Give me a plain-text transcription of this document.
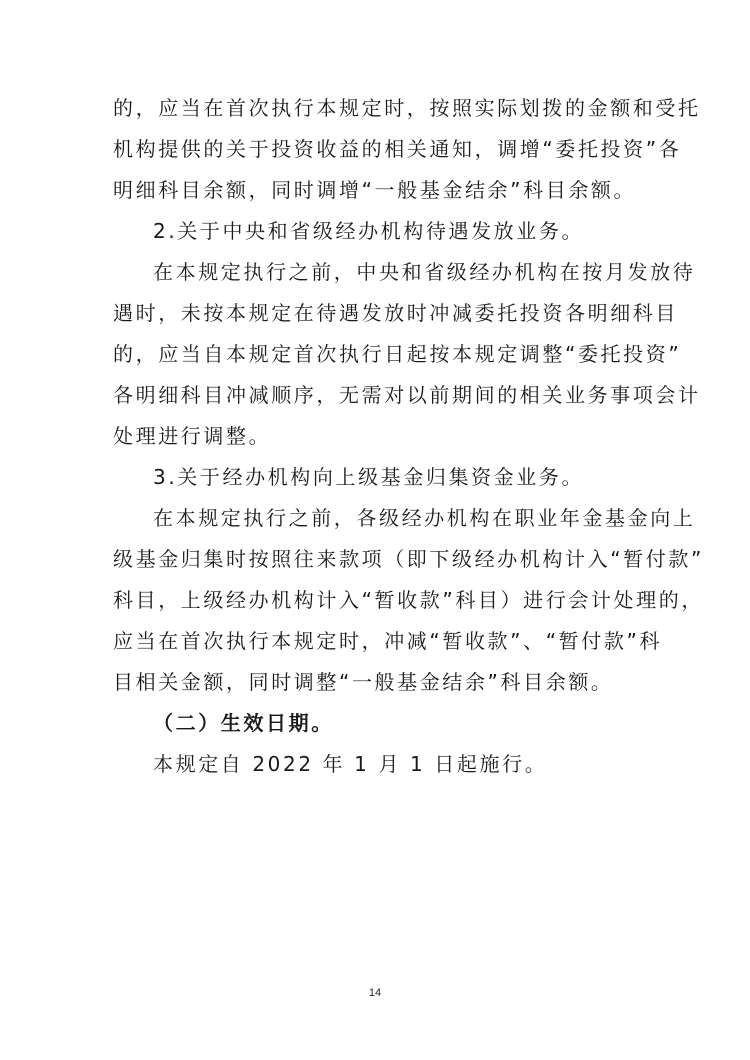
的，应当在首次执行本规定时，按照实际划拨的金额和受托
机构提供的关于投资收益的相关通知，调增“委托投资”各
明细科目余额，同时调增“一般基金结余”科目余额。
2.关于中央和省级经办机构待遇发放业务。
在本规定执行之前，中央和省级经办机构在按月发放待
遇时，未按本规定在待遇发放时冲减委托投资各明细科目
的，应当自本规定首次执行日起按本规定调整“委托投资”
各明细科目冲减顺序，无需对以前期间的相关业务事项会计
处理进行调整。
3.关于经办机构向上级基金归集资金业务。
在本规定执行之前，各级经办机构在职业年金基金向上
级基金归集时按照往来款项（即下级经办机构计入“暂付款”
科目，上级经办机构计入“暂收款”科目）进行会计处理的，
应当在首次执行本规定时，冲减“暂收款”、“暂付款”科
目相关金额，同时调整“一般基金结余”科目余额。
（二）生效日期。
本规定自 2022 年 1 月 1 日起施行。
14
